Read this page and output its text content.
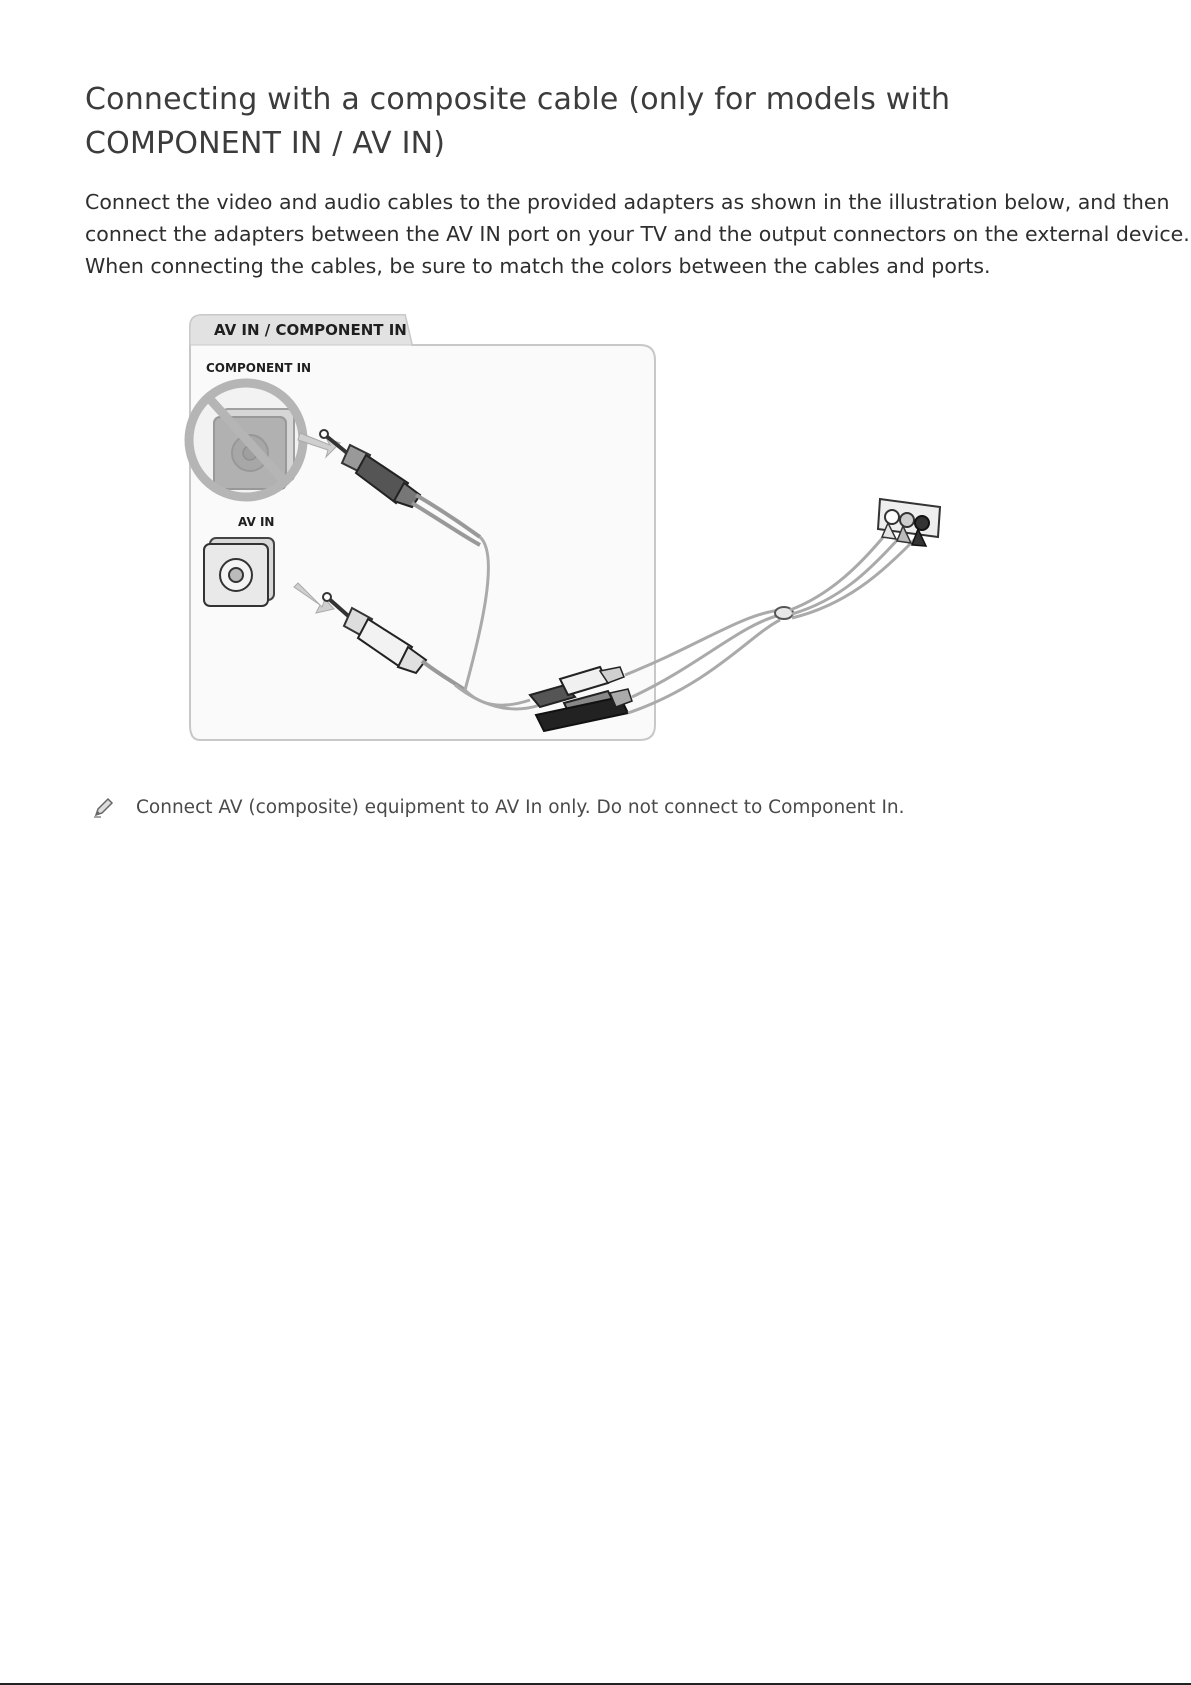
Connecting with a composite cable (only for models with COMPONENT IN / AV IN)

Connect the video and audio cables to the provided adapters as shown in the illustration below, and then

connect the adapters between the AV IN port on your TV and the output connectors on the external device.

When connecting the cables, be sure to match the colors between the cables and ports.

AV IN / COMPONENT IN
COMPONENT IN
AV IN
Connect AV (composite) equipment to AV In only. Do not connect to Component In.
